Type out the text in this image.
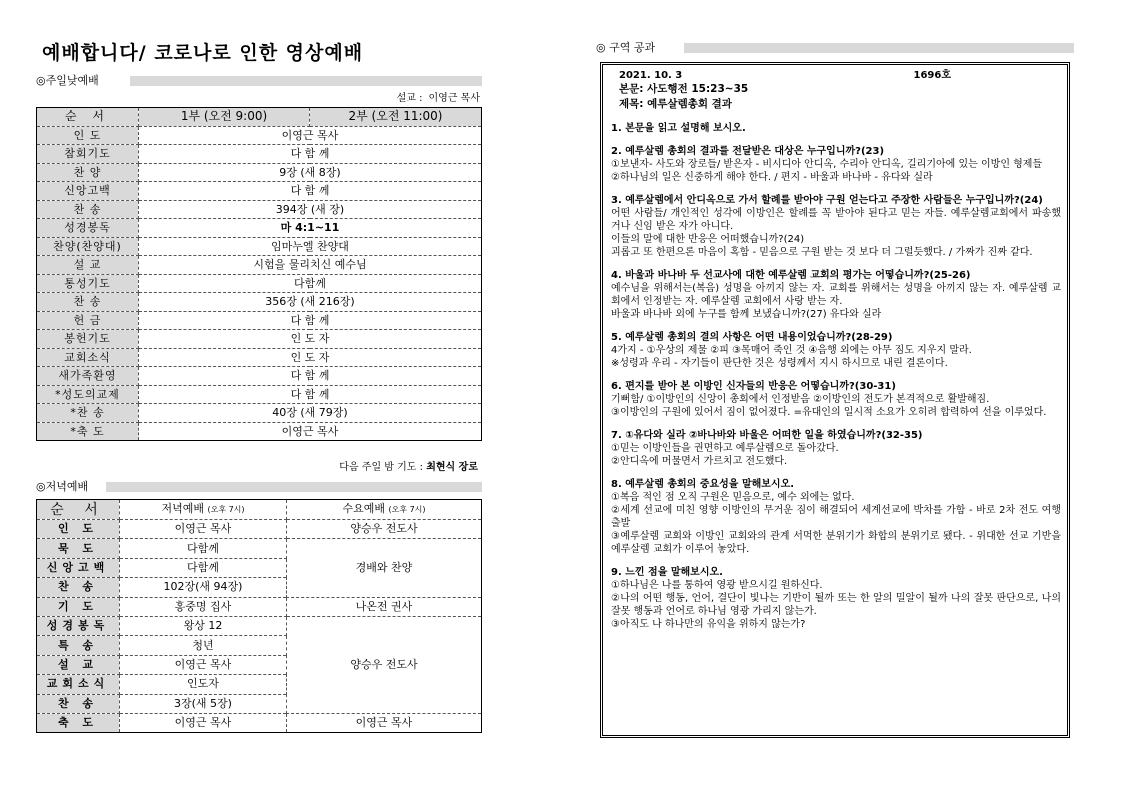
예배합니다/ 코로나로 인한 영상예배
◎주일낮예배
설교 : 이영근 목사
순 서	1부 (오전 9:00)	2부 (오전 11:00)
인 도	이영근 목사	
참회기도	다 함 께	
찬 양	9장 (새 8장)	
신앙고백	다 함 께	
찬 송	394장 (새 장)	
성경봉독	마 4:1~11	
찬양(찬양대)	임마누엘 찬양대	
설 교	시험을 물리치신 예수님	
통성기도	다함께	
찬 송	356장 (새 216장)	
헌 금	다 함 께	
봉헌기도	인 도 자	
교회소식	인 도 자	
새가족환영	다 함 께	
*성도의교제	다 함 께	
*찬 송	40장 (새 79장)	
*축 도	이영근 목사	
다음 주일 밤 기도 : 최현식 장로
◎저녁예배
순 서	저녁예배 (오후 7시)	수요예배 (오후 7시)
인 도	이영근 목사	양승우 전도사
묵 도	다함께	경배와 찬양
신앙고백	다함께	
찬 송	102장(새 94장)	
기 도	홍중명 집사	나온전 권사
성경봉독	왕상 12	양승우 전도사
특 송	청년	
설 교	이영근 목사	
교회소식	인도자	
찬 송	3장(새 5장)	
축 도	이영근 목사	이영근 목사
◎ 구역 공과
2021. 10. 3	1696호
본문: 사도행전 15:23~35
제목: 예루살렘총회 결과
1. 본문을 읽고 설명해 보시오.
2. 예루살렘 총회의 결과를 전달받은 대상은 누구입니까?(23)

①보낸자- 사도와 장로들/ 받은자 - 비시디아 안디옥, 수리아 안디옥, 길리기아에 있는 이방인 형제들

②하나님의 일은 신중하게 해야 한다. / 편지 - 바울과 바나바 - 유다와 실라

3. 예루살렘에서 안디옥으로 가서 할례를 받아야 구원 얻는다고 주장한 사람들은 누구입니까?(24)

어떤 사람들/ 개인적인 성각에 이방인은 할례를 꼭 받아야 된다고 믿는 자들. 예루살렘교회에서 파송했거나 신임 받은 자가 아니다.

이들의 말에 대한 반응은 어떠했습니까?(24)

괴롭고 또 한편으론 마음이 혹함 - 믿음으로 구원 받는 것 보다 더 그럴듯했다. / 가짜가 진짜 같다.

4. 바울과 바나바 두 선교사에 대한 예루살렘 교회의 평가는 어떻습니까?(25-26)

예수님을 위해서는(복음) 성명을 아끼지 않는 자. 교회를 위해서는 성명을 아끼지 않는 자. 예루살렘 교 회에서 인정받는 자. 예루살렘 교회에서 사랑 받는 자.

바울과 바나바 외에 누구를 함께 보냈습니까?(27) 유다와 실라

5. 예루살렘 총회의 결의 사항은 어떤 내용이었습니까?(28-29)

4가지 - ①우상의 제물 ②피 ③목매어 죽인 것 ④음행 외에는 아무 짐도 지우지 말라.

※성령과 우리 - 자기들이 판단한 것은 성령께서 지시 하시므로 내린 결론이다.

6. 편지를 받아 본 이방인 신자들의 반응은 어떻습니까?(30-31)

기뻐함/ ①이방인의 신앙이 총회에서 인정받음 ②이방인의 전도가 본격적으로 활발해짐.

③이방인의 구원에 있어서 짐이 없어졌다. =유대인의 일시적 소요가 오히려 합력하여 선을 이루었다.

7. ①유다와 실라 ②바나바와 바울은 어떠한 일을 하였습니까?(32-35)

①믿는 이방인들을 권면하고 예루살렘으로 돌아갔다.

②안디옥에 머물면서 가르치고 전도했다.

8. 예루살렘 총회의 중요성을 말해보시오.

①복음 적인 점 오직 구원은 믿음으로, 예수 외에는 없다.

②세계 선교에 미친 영향 이방인의 무거운 짐이 해결되어 세계선교에 박차를 가함 - 바로 2차 전도 여행 출발

③예루살렘 교회와 이방인 교회와의 관계 서먹한 분위기가 화합의 분위기로 됐다. - 위대한 선교 기반을 예루살렘 교회가 이루어 놓았다.

9. 느낀 점을 말해보시오.

①하나님은 나를 통하여 영광 받으시길 원하신다.

②나의 어떤 행동, 언어, 결단이 빛나는 기반이 될까 또는 한 알의 밀알이 될까 나의 잘못 판단으로, 나의 잘못 행동과 언어로 하나님 영광 가리지 않는가.

③아직도 나 하나만의 유익을 위하지 않는가?
